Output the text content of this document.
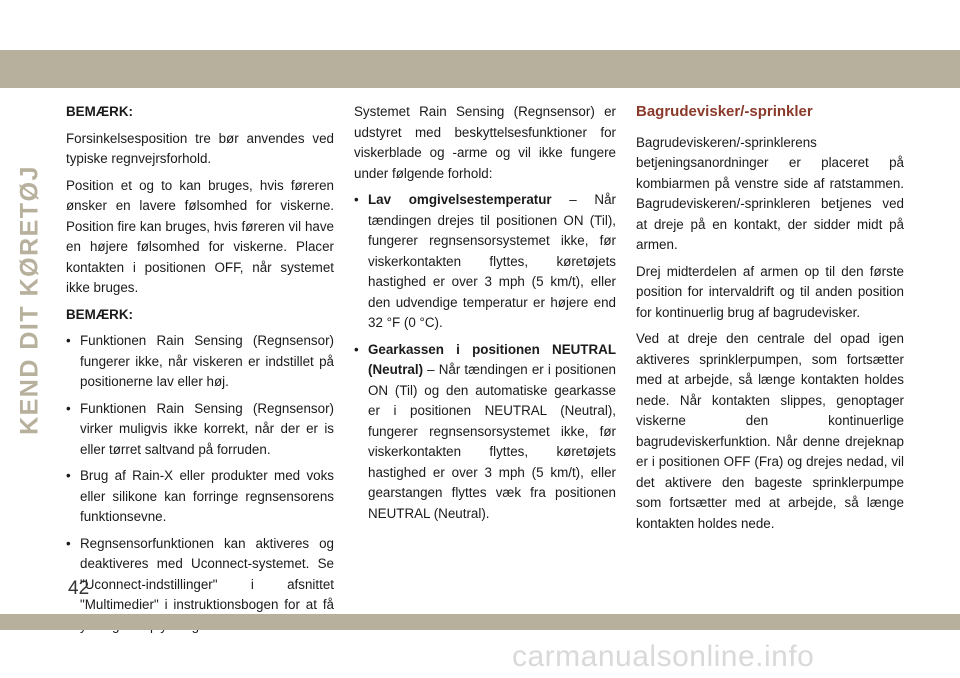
KEND DIT KØRETØJ

BEMÆRK:

Forsinkelsesposition tre bør anvendes ved typiske regnvejrsforhold.

Position et og to kan bruges, hvis føreren ønsker en lavere følsomhed for viskerne. Position fire kan bruges, hvis føreren vil have en højere følsomhed for viskerne. Placer kontakten i positionen OFF, når systemet ikke bruges.

BEMÆRK:

• Funktionen Rain Sensing (Regnsensor) fungerer ikke, når viskeren er indstillet på positionerne lav eller høj.
• Funktionen Rain Sensing (Regnsensor) virker muligvis ikke korrekt, når der er is eller tørret saltvand på forruden.
• Brug af Rain-X eller produkter med voks eller silikone kan forringe regnsensorens funktionsevne.
• Regnsensorfunktionen kan aktiveres og deaktiveres med Uconnect-systemet. Se "Uconnect-indstillinger" i afsnittet "Multimedier" i instruktionsbogen for at få

Systemet Rain Sensing (Regnsensor) er udstyret med beskyttelsesfunktioner for viskerblade og -arme og vil ikke fungere under følgende forhold:

• Lav omgivelsestemperatur – Når tændingen drejes til positionen ON (Til), fungerer regnsensorsystemet ikke, før viskerkontakten flyttes, køretøjets hastighed er over 3 mph (5 km/t), eller den udvendige temperatur er højere end 32 °F (0 °C).
• Gearkassen i positionen NEUTRAL (Neutral) – Når tændingen er i positionen ON (Til) og den automatiske gearkasse er i positionen NEUTRAL (Neutral), fungerer regnsensorsystemet ikke, før viskerkontakten flyttes, køretøjets hastighed er over 3 mph (5 km/t), eller gearstangen flyttes væk fra positionen NEUTRAL (Neutral).
Bagrudevisker/-sprinkler

Bagrudeviskeren/-sprinklerens betjeningsanordninger er placeret på kombiarmen på venstre side af ratstammen. Bagrudeviskeren/-sprinkleren betjenes ved at dreje på en kontakt, der sidder midt på armen.

Drej midterdelen af armen op til den første position for intervaldrift og til anden position for kontinuerlig brug af bagrudevisker.

Ved at dreje den centrale del opad igen aktiveres sprinklerpumpen, som fortsætter med at arbejde, så længe kontakten holdes nede. Når kontakten slippes, genoptager viskerne den kontinuerlige bagrudeviskerfunktion. Når denne drejeknap er i positionen OFF (Fra) og drejes nedad, vil det aktivere den bageste sprinklerpumpe som fortsætter med at arbejde, så længe kontakten holdes nede.

42
carmanualsonline.info
